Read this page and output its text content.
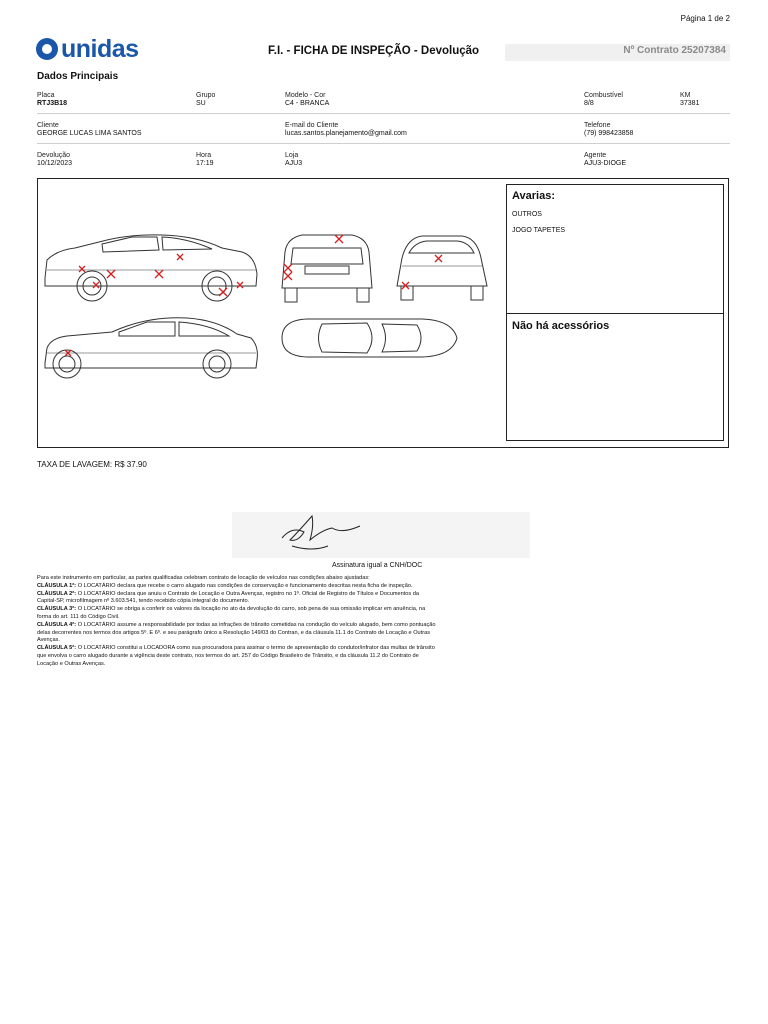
Página 1 de 2
unidas	F.I. - FICHA DE INSPEÇÃO - Devolução	Nº Contrato 25207384
Dados Principais
Placa
RTJ3B18
Grupo
SU
Modelo - Cor
C4 - BRANCA
Combustível
8/8
KM
37381
Cliente
GEORGE LUCAS LIMA SANTOS
E-mail do Cliente
lucas.santos.planejamento@gmail.com
Telefone
(79) 998423858
Devolução
10/12/2023
Hora
17:19
Loja
AJU3
Agente
AJU3-DIOGE
Avarias:
OUTROS
JOGO TAPETES
Não há acessórios
TAXA DE LAVAGEM: R$ 37.90
Assinatura igual a CNH/DOC
Para este instrumento em particular, as partes qualificadas celebram contrato de locação de veículos nas condições abaixo ajustadas:
CLÁUSULA 1ª: O LOCATÁRIO declara que recebe o carro alugado nas condições de conservação e funcionamento descritas nesta ficha de inspeção.
CLÁUSULA 2ª: O LOCATÁRIO declara que anuiu o Contrato de Locação e Outra Avenças, registro no 1º. Oficial de Registro de Títulos e Documentos da Capital-SP, microfilmagem nº 3.603.541, tendo recebido cópia integral do documento.
CLÁUSULA 3ª: O LOCATÁRIO se obriga a conferir os valores da locação no ato da devolução do carro, sob pena de sua omissão implicar em anuência, na forma do art. 111 do Código Civil.
CLÁUSULA 4ª: O LOCATÁRIO assume a responsabilidade por todas as infrações de trânsito cometidas na condução do veículo alugado, bem como pontuação delas decorrentes nos termos dos artigos 5º. E 6º. e seu parágrafo único a Resolução 149/03 do Contran, e da cláusula 11.1 do Contrato de Locação e Outras Avenças.
CLÁUSULA 5ª: O LOCATÁRIO constitui a LOCADORA como sua procuradora para assinar o termo de apresentação do condutor/infrator das multas de trânsito que envolva o carro alugado durante a vigência deste contrato, nos termos do art. 257 do Código Brasileiro de Trânsito, e da cláusula 11.2 do Contrato de Locação e Outras Avenças.
